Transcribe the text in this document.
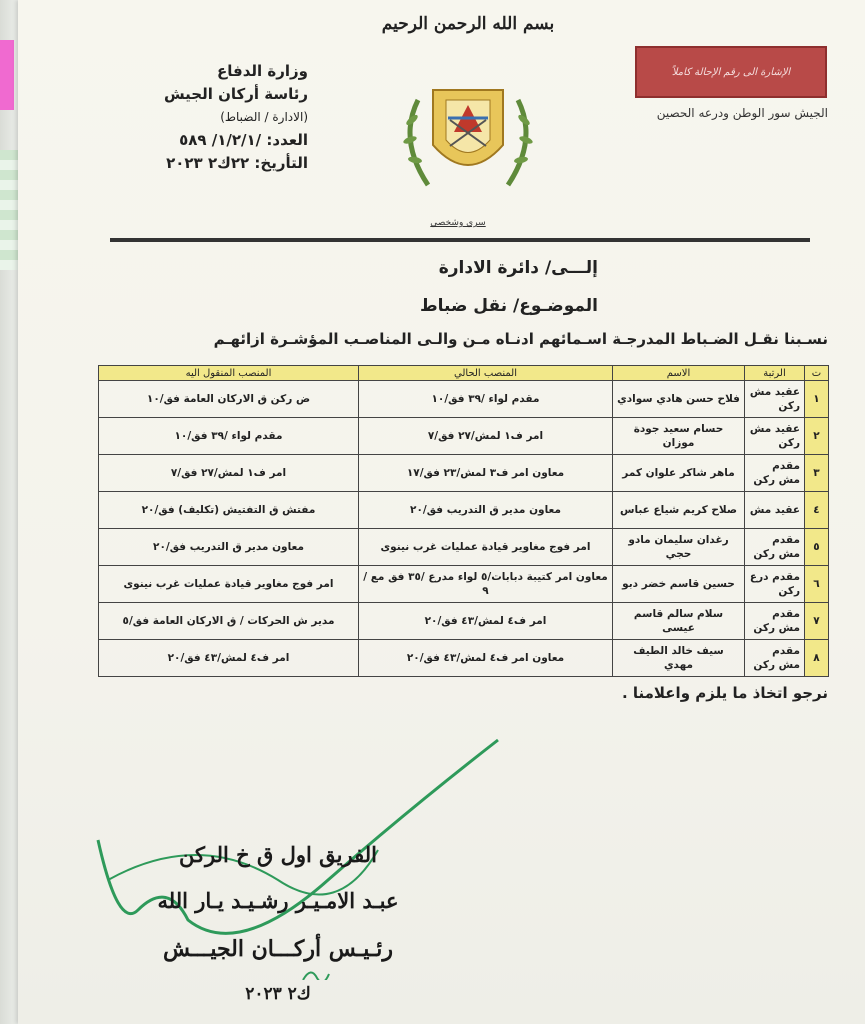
بسم الله الرحمن الرحيم
وزارة الدفاع
رئاسة أركان الجيش
(الادارة / الضباط)
العدد: /١/٢/١/ ٥٨٩
التأريخ: ٢٢ك٢ ٢٠٢٣
الإشارة الى رقم الإحالة كاملاً
الجيش سور الوطن ودرعه الحصين
سري وشخصي
إلـــى/ دائرة الادارة
الموضـوع/ نقل ضباط
نسـبنا نقـل الضـباط المدرجـة اسـمائهم ادنـاه مـن والـى المناصـب المؤشـرة ازائهـم
ت	الرتبة	الاسم	المنصب الحالي	المنصب المنقول اليه
١	عقيد مش ركن	فلاح حسن هادي سوادي	مقدم لواء /٣٩ فق/١٠	ض ركن ق الاركان العامة فق/١٠
٢	عقيد مش ركن	حسام سعيد جودة موزان	امر ف١ لمش/٢٧ فق/٧	مقدم لواء /٣٩ فق/١٠
٣	مقدم مش ركن	ماهر شاكر علوان كمر	معاون امر ف٣ لمش/٢٣ فق/١٧	امر ف١ لمش/٢٧ فق/٧
٤	عقيد مش	صلاح كريم شياع عباس	معاون مدير ق التدريب فق/٢٠	مفتش ق التفتيش (تكليف) فق/٢٠
٥	مقدم مش ركن	رغدان سليمان مادو حجي	امر فوج مغاوير قيادة عمليات غرب نينوى	معاون مدير ق التدريب فق/٢٠
٦	مقدم درع ركن	حسين قاسم خضر دبو	معاون امر كتيبة دبابات/٥ لواء مدرع /٣٥ فق مع /٩	امر فوج مغاوير قيادة عمليات غرب نينوى
٧	مقدم مش ركن	سلام سالم قاسم عيسى	امر ف٤ لمش/٤٣ فق/٢٠	مدير ش الحركات / ق الاركان العامة فق/٥
٨	مقدم مش ركن	سيف خالد الطيف مهدي	معاون امر ف٤ لمش/٤٣ فق/٢٠	امر ف٤ لمش/٤٣ فق/٢٠
نرجو اتخاذ ما يلزم واعلامنا .
الفريق اول ق خ الركن
عبـد الامـيـر رشـيـد يـار الله
رئـيـس أركـــان الجيـــش
ك٢ ٢٠٢٣
